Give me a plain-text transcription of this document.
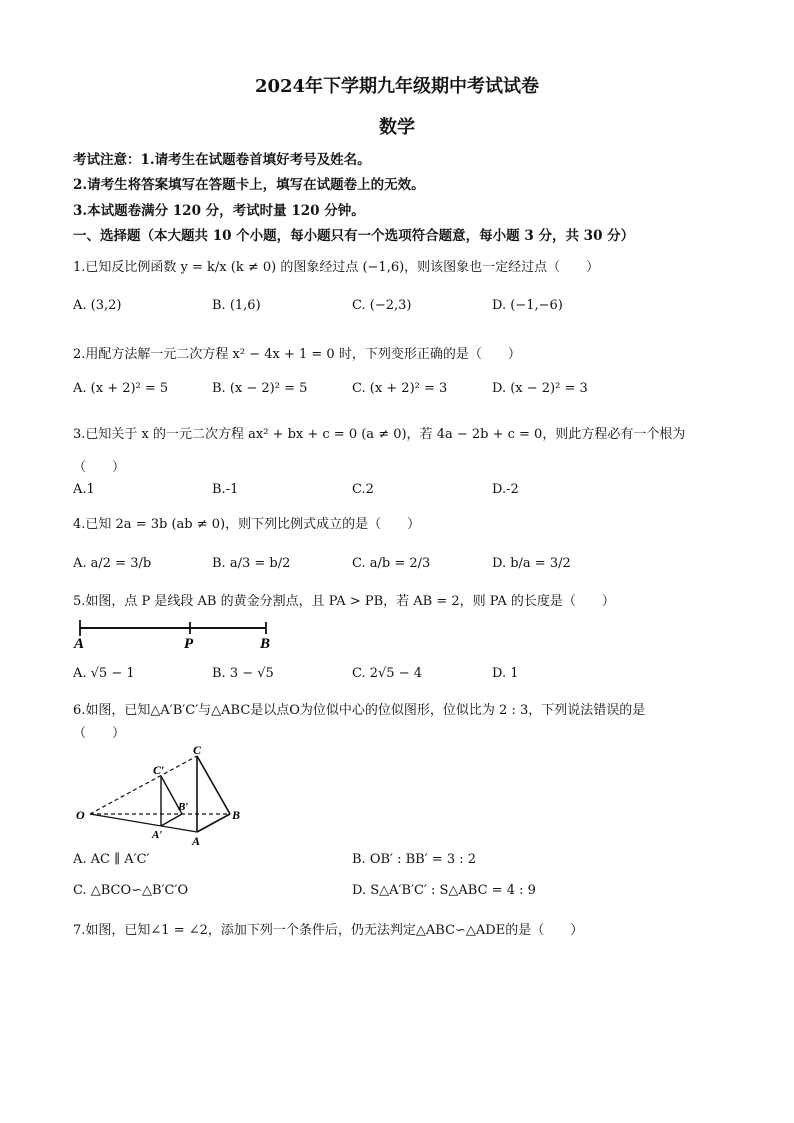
2024年下学期九年级期中考试试卷
数学
考试注意：1.请考生在试题卷首填好考号及姓名。
2.请考生将答案填写在答题卡上，填写在试题卷上的无效。
3.本试题卷满分 120 分，考试时量 120 分钟。
一、选择题（本大题共 10 个小题，每小题只有一个选项符合题意，每小题 3 分，共 30 分）
1.已知反比例函数 y = k/x (k ≠ 0) 的图象经过点 (−1,6)，则该图象也一定经过点（　　）
A. (3,2)	B. (1,6)	C. (−2,3)	D. (−1,−6)
2.用配方法解一元二次方程 x² − 4x + 1 = 0 时，下列变形正确的是（　　）
A. (x + 2)² = 5	B. (x − 2)² = 5	C. (x + 2)² = 3	D. (x − 2)² = 3
3.已知关于 x 的一元二次方程 ax² + bx + c = 0 (a ≠ 0)，若 4a − 2b + c = 0，则此方程必有一个根为
（　　）
A.1	B.-1	C.2	D.-2
4.已知 2a = 3b (ab ≠ 0)，则下列比例式成立的是（　　）
A. a/2 = 3/b	B. a/3 = b/2	C. a/b = 2/3	D. b/a = 3/2
5.如图，点 P 是线段 AB 的黄金分割点，且 PA > PB，若 AB = 2，则 PA 的长度是（　　）
A	P	B
A. √5 − 1	B. 3 − √5	C. 2√5 − 4	D. 1
6.如图，已知△A′B′C′与△ABC是以点O为位似中心的位似图形，位似比为 2 : 3，下列说法错误的是
（　　）
O
C
C′
B′
A′ A
B
A. AC ∥ A′C′	B. OB′ : BB′ = 3 : 2
C. △BCO∽△B′C′O	D. S△A′B′C′ : S△ABC = 4 : 9
7.如图，已知∠1 = ∠2，添加下列一个条件后，仍无法判定△ABC∽△ADE的是（　　）
